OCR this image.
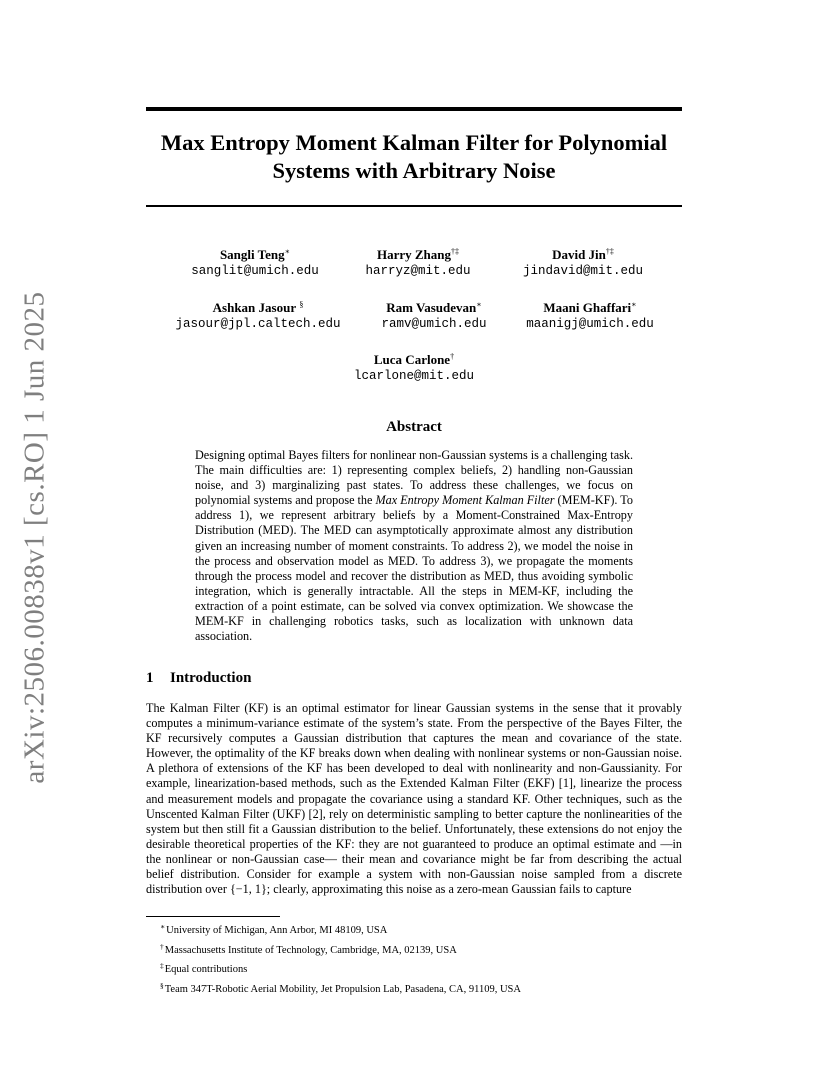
arXiv:2506.00838v1 [cs.RO] 1 Jun 2025
Max Entropy Moment Kalman Filter for Polynomial
Systems with Arbitrary Noise
Sangli Teng∗
sanglit@umich.edu
Harry Zhang†‡
harryz@mit.edu
David Jin†‡
jindavid@mit.edu
Ashkan Jasour §
jasour@jpl.caltech.edu
Ram Vasudevan∗
ramv@umich.edu
Maani Ghaffari∗
maanigj@umich.edu
Luca Carlone†
lcarlone@mit.edu
Abstract

Designing optimal Bayes filters for nonlinear non-Gaussian systems is a challenging task. The main difficulties are: 1) representing complex beliefs, 2) handling non-Gaussian noise, and 3) marginalizing past states. To address these challenges, we focus on polynomial systems and propose the Max Entropy Moment Kalman Filter (MEM-KF). To address 1), we represent arbitrary beliefs by a Moment-Constrained Max-Entropy Distribution (MED). The MED can asymptotically approximate almost any distribution given an increasing number of moment constraints. To address 2), we model the noise in the process and observation model as MED. To address 3), we propagate the moments through the process model and recover the distribution as MED, thus avoiding symbolic integration, which is generally intractable. All the steps in MEM-KF, including the extraction of a point estimate, can be solved via convex optimization. We showcase the MEM-KF in challenging robotics tasks, such as localization with unknown data association.

1 Introduction

The Kalman Filter (KF) is an optimal estimator for linear Gaussian systems in the sense that it provably computes a minimum-variance estimate of the system’s state. From the perspective of the Bayes Filter, the KF recursively computes a Gaussian distribution that captures the mean and covariance of the state. However, the optimality of the KF breaks down when dealing with nonlinear systems or non-Gaussian noise. A plethora of extensions of the KF has been developed to deal with nonlinearity and non-Gaussianity. For example, linearization-based methods, such as the Extended Kalman Filter (EKF) [1], linearize the process and measurement models and propagate the covariance using a standard KF. Other techniques, such as the Unscented Kalman Filter (UKF) [2], rely on deterministic sampling to better capture the nonlinearities of the system but then still fit a Gaussian distribution to the belief. Unfortunately, these extensions do not enjoy the desirable theoretical properties of the KF: they are not guaranteed to produce an optimal estimate and —in the nonlinear or non-Gaussian case— their mean and covariance might be far from describing the actual belief distribution. Consider for example a system with non-Gaussian noise sampled from a discrete distribution over {−1, 1}; clearly, approximating this noise as a zero-mean Gaussian fails to capture

∗University of Michigan, Ann Arbor, MI 48109, USA
†Massachusetts Institute of Technology, Cambridge, MA, 02139, USA
‡Equal contributions
§Team 347T-Robotic Aerial Mobility, Jet Propulsion Lab, Pasadena, CA, 91109, USA
